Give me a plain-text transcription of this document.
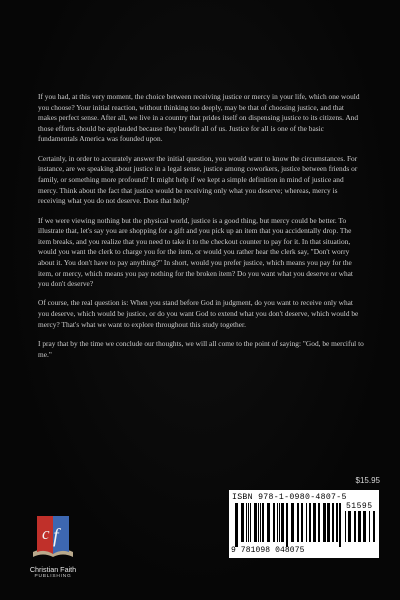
If you had, at this very moment, the choice between receiving justice or mercy in your life, which one would you choose? Your initial reaction, without thinking too deeply, may be that of choosing justice, and that makes perfect sense. After all, we live in a country that prides itself on dispensing justice to its citizens. And those efforts should be applauded because they benefit all of us. Justice for all is one of the basic fundamentals America was founded upon.

Certainly, in order to accurately answer the initial question, you would want to know the circumstances. For instance, are we speaking about justice in a legal sense, justice among coworkers, justice between friends or family, or something more profound? It might help if we kept a simple definition in mind of justice and mercy. Think about the fact that justice would be receiving only what you deserve; whereas, mercy is receiving what you do not deserve. Does that help?

If we were viewing nothing but the physical world, justice is a good thing, but mercy could be better. To illustrate that, let's say you are shopping for a gift and you pick up an item that you accidentally drop. The item breaks, and you realize that you need to take it to the checkout counter to pay for it. In that situation, would you want the clerk to charge you for the item, or would you rather hear the clerk say, "Don't worry about it. You don't have to pay anything?" In short, would you prefer justice, which means you pay for the item, or mercy, which means you pay nothing for the broken item? Do you want what you deserve or what you don't deserve?

Of course, the real question is: When you stand before God in judgment, do you want to receive only what you deserve, which would be justice, or do you want God to extend what you don't deserve, which would be mercy? That's what we want to explore throughout this study together.

I pray that by the time we conclude our thoughts, we will all come to the point of saying: "God, be merciful to me."

$15.95
ISBN 978-1-0980-4807-5
51595
9 781098 048075
c f
Christian Faith
PUBLISHING
